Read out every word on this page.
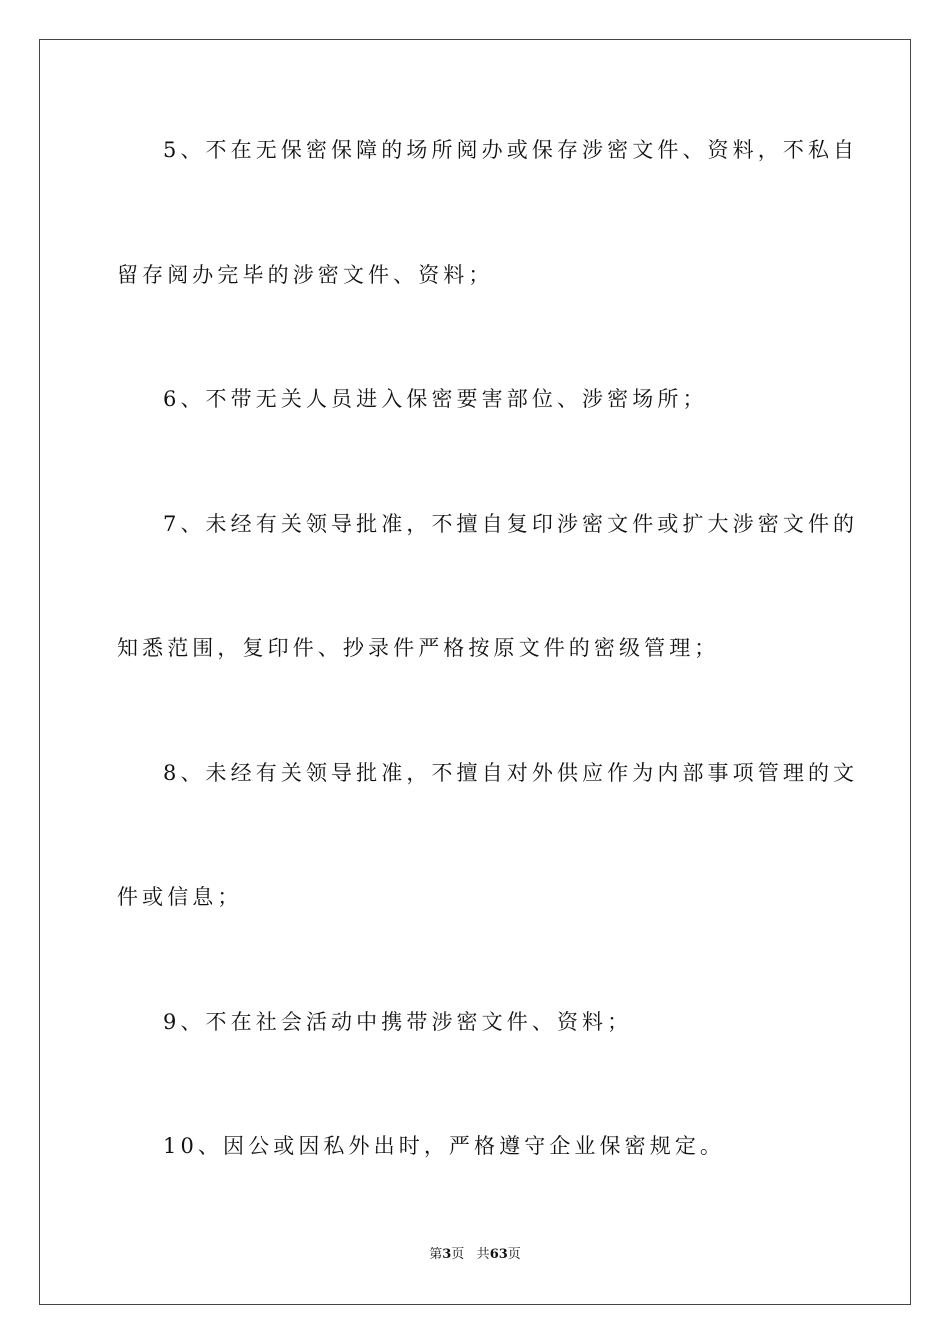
5、不在无保密保障的场所阅办或保存涉密文件、资料，不私自
留存阅办完毕的涉密文件、资料；
6、不带无关人员进入保密要害部位、涉密场所；
7、未经有关领导批准，不擅自复印涉密文件或扩大涉密文件的
知悉范围，复印件、抄录件严格按原文件的密级管理；
8、未经有关领导批准，不擅自对外供应作为内部事项管理的文
件或信息；
9、不在社会活动中携带涉密文件、资料；
10、因公或因私外出时，严格遵守企业保密规定。
第3页 共63页
